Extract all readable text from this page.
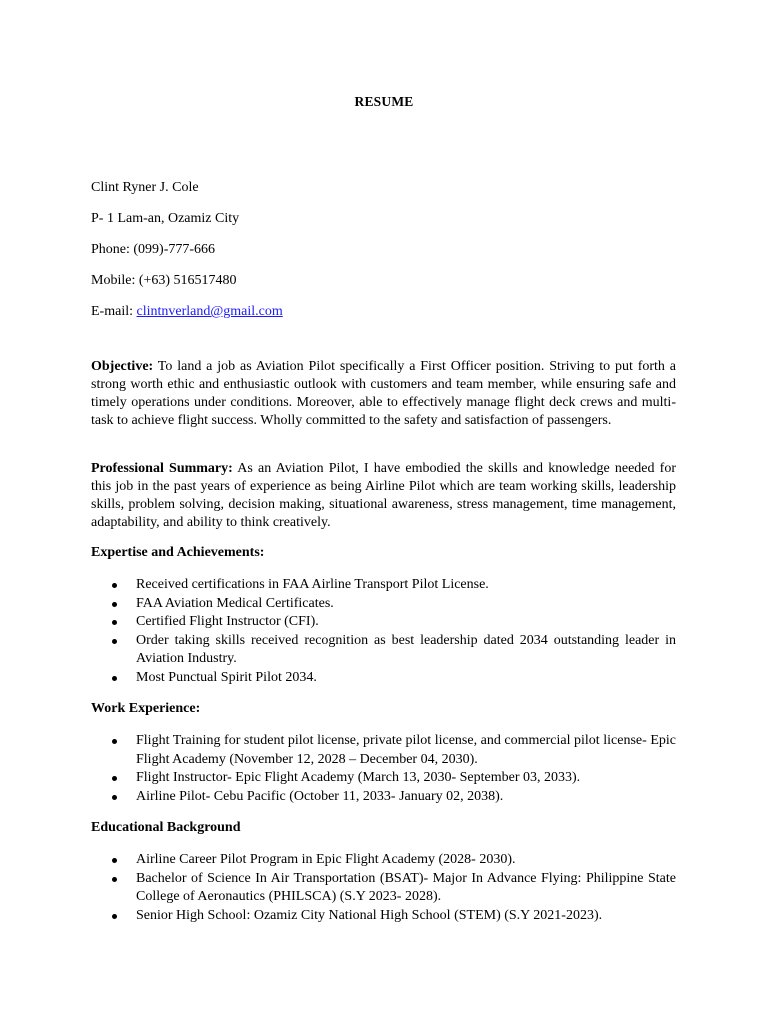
RESUME
Clint Ryner J. Cole
P- 1 Lam-an, Ozamiz City
Phone: (099)-777-666
Mobile: (+63) 516517480
E-mail: clintnverland@gmail.com
Objective: To land a job as Aviation Pilot specifically a First Officer position. Striving to put forth a strong worth ethic and enthusiastic outlook with customers and team member, while ensuring safe and timely operations under conditions. Moreover, able to effectively manage flight deck crews and multi-task to achieve flight success. Wholly committed to the safety and satisfaction of passengers.
Professional Summary: As an Aviation Pilot, I have embodied the skills and knowledge needed for this job in the past years of experience as being Airline Pilot which are team working skills, leadership skills, problem solving, decision making, situational awareness, stress management, time management, adaptability, and ability to think creatively.
Expertise and Achievements:
Received certifications in FAA Airline Transport Pilot License.
FAA Aviation Medical Certificates.
Certified Flight Instructor (CFI).
Order taking skills received recognition as best leadership dated 2034 outstanding leader in Aviation Industry.
Most Punctual Spirit Pilot 2034.
Work Experience:
Flight Training for student pilot license, private pilot license, and commercial pilot license- Epic Flight Academy (November 12, 2028 – December 04, 2030).
Flight Instructor- Epic Flight Academy (March 13, 2030- September 03, 2033).
Airline Pilot- Cebu Pacific (October 11, 2033- January 02, 2038).
Educational Background
Airline Career Pilot Program in Epic Flight Academy (2028- 2030).
Bachelor of Science In Air Transportation (BSAT)- Major In Advance Flying: Philippine State College of Aeronautics (PHILSCA) (S.Y 2023- 2028).
Senior High School: Ozamiz City National High School (STEM) (S.Y 2021-2023).
